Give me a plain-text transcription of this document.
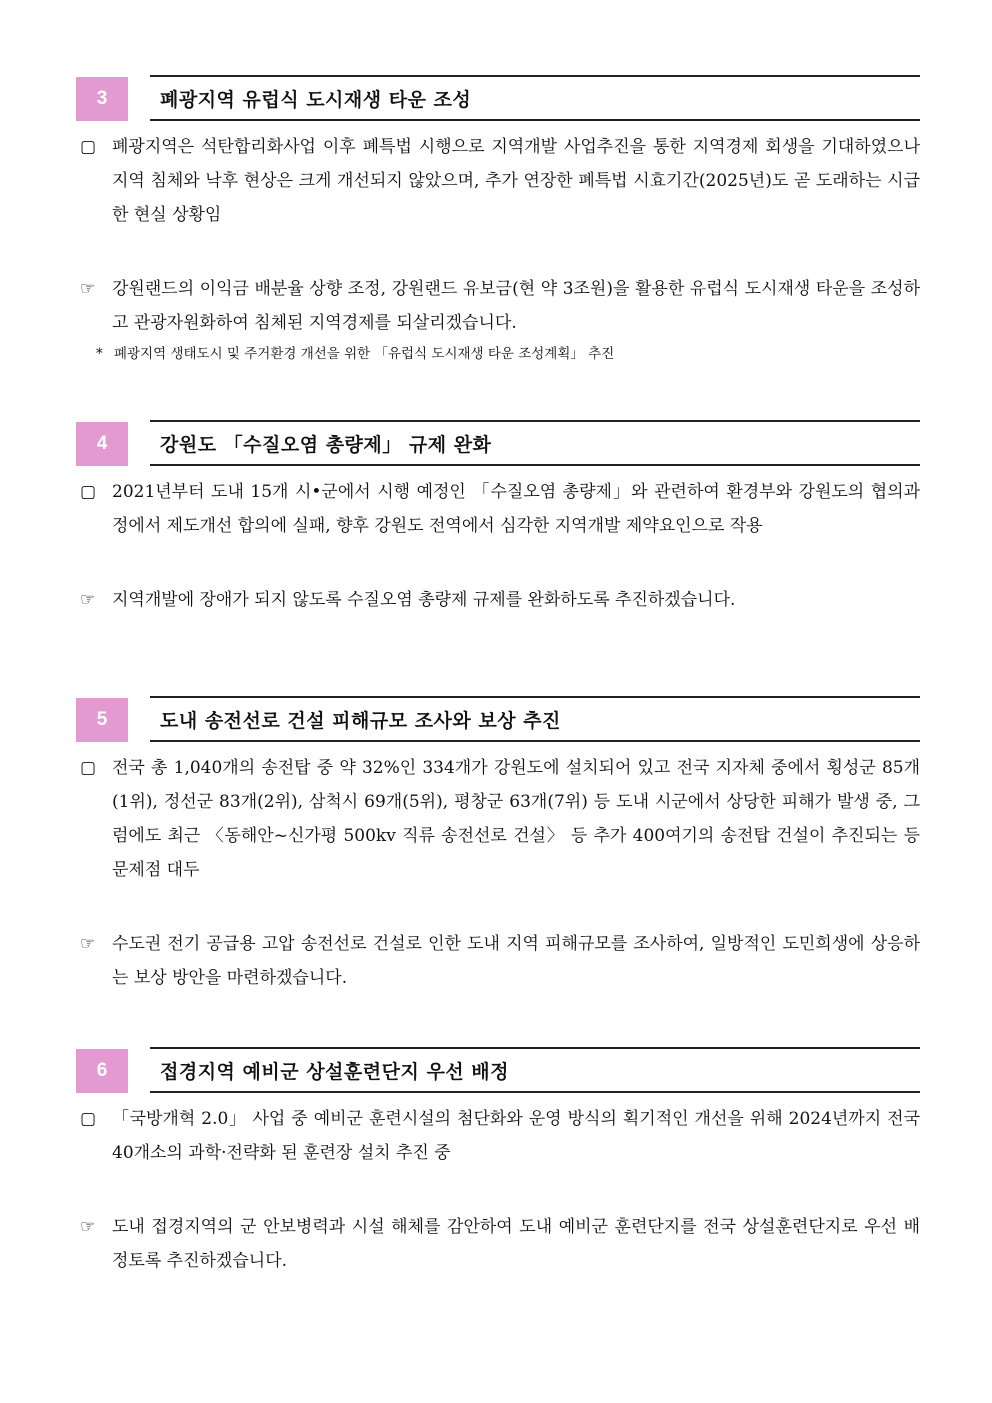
3	폐광지역 유럽식 도시재생 타운 조성
▢ 폐광지역은 석탄합리화사업 이후 폐특법 시행으로 지역개발 사업추진을 통한 지역경제 회생을 기대하였으나 지역 침체와 낙후 현상은 크게 개선되지 않았으며, 추가 연장한 폐특법 시효기간(2025년)도 곧 도래하는 시급한 현실 상황임
☞ 강원랜드의 이익금 배분율 상향 조정, 강원랜드 유보금(현 약 3조원)을 활용한 유럽식 도시재생 타운을 조성하고 관광자원화하여 침체된 지역경제를 되살리겠습니다.
* 폐광지역 생태도시 및 주거환경 개선을 위한 「유럽식 도시재생 타운 조성계획」 추진
4	강원도 「수질오염 총량제」 규제 완화
▢ 2021년부터 도내 15개 시•군에서 시행 예정인 「수질오염 총량제」와 관련하여 환경부와 강원도의 협의과정에서 제도개선 합의에 실패, 향후 강원도 전역에서 심각한 지역개발 제약요인으로 작용
☞ 지역개발에 장애가 되지 않도록 수질오염 총량제 규제를 완화하도록 추진하겠습니다.
5	도내 송전선로 건설 피해규모 조사와 보상 추진
▢ 전국 총 1,040개의 송전탑 중 약 32%인 334개가 강원도에 설치되어 있고 전국 지자체 중에서 횡성군 85개(1위), 정선군 83개(2위), 삼척시 69개(5위), 평창군 63개(7위) 등 도내 시군에서 상당한 피해가 발생 중, 그럼에도 최근 〈동해안~신가평 500kv 직류 송전선로 건설〉 등 추가 400여기의 송전탑 건설이 추진되는 등 문제점 대두
☞ 수도권 전기 공급용 고압 송전선로 건설로 인한 도내 지역 피해규모를 조사하여, 일방적인 도민희생에 상응하는 보상 방안을 마련하겠습니다.
6	접경지역 예비군 상설훈련단지 우선 배정
▢ 「국방개혁 2.0」 사업 중 예비군 훈련시설의 첨단화와 운영 방식의 획기적인 개선을 위해 2024년까지 전국 40개소의 과학·전략화 된 훈련장 설치 추진 중
☞ 도내 접경지역의 군 안보병력과 시설 해체를 감안하여 도내 예비군 훈련단지를 전국 상설훈련단지로 우선 배정토록 추진하겠습니다.
